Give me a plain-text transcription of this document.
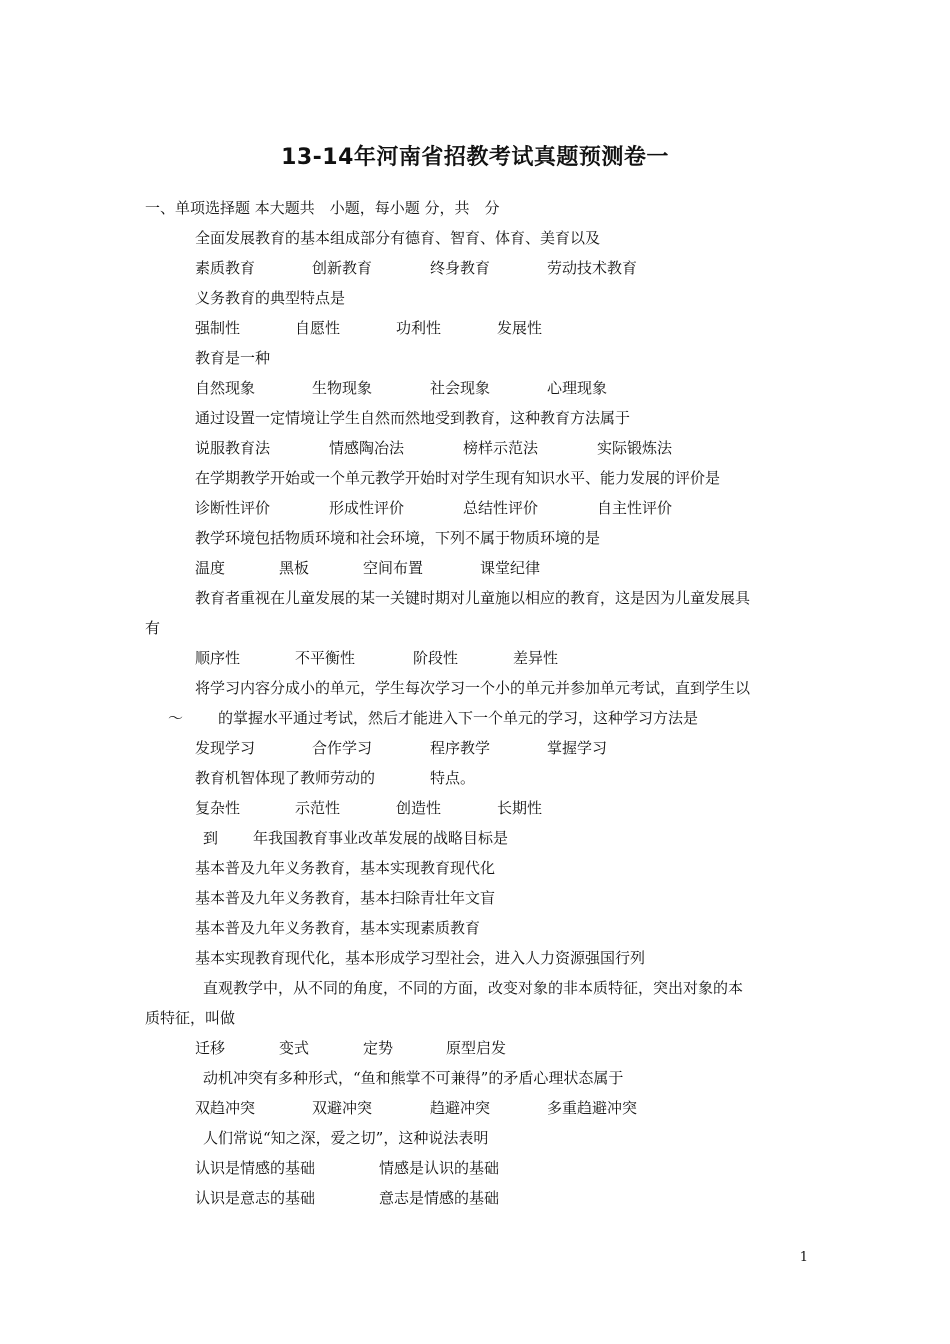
13-14年河南省招教考试真题预测卷一
一、单项选择题 本大题共　小题，每小题 分，共　分
全面发展教育的基本组成部分有德育、智育、体育、美育以及
素质教育	创新教育	终身教育	劳动技术教育
义务教育的典型特点是
强制性	自愿性	功利性	发展性
教育是一种
自然现象	生物现象	社会现象	心理现象
通过设置一定情境让学生自然而然地受到教育，这种教育方法属于
说服教育法	情感陶冶法	榜样示范法	实际锻炼法
在学期教学开始或一个单元教学开始时对学生现有知识水平、能力发展的评价是
诊断性评价	形成性评价	总结性评价	自主性评价
教学环境包括物质环境和社会环境，下列不属于物质环境的是
温度	黑板	空间布置	课堂纪律
教育者重视在儿童发展的某一关键时期对儿童施以相应的教育，这是因为儿童发展具
有
顺序性	不平衡性	阶段性	差异性
将学习内容分成小的单元，学生每次学习一个小的单元并参加单元考试，直到学生以
～ 的掌握水平通过考试，然后才能进入下一个单元的学习，这种学习方法是
发现学习	合作学习	程序教学	掌握学习
教育机智体现了教师劳动的	特点。
复杂性	示范性	创造性	长期性
到 年我国教育事业改革发展的战略目标是
基本普及九年义务教育，基本实现教育现代化
基本普及九年义务教育，基本扫除青壮年文盲
基本普及九年义务教育，基本实现素质教育
基本实现教育现代化，基本形成学习型社会，进入人力资源强国行列
直观教学中，从不同的角度，不同的方面，改变对象的非本质特征，突出对象的本
质特征，叫做
迁移	变式	定势	原型启发
动机冲突有多种形式，“鱼和熊掌不可兼得”的矛盾心理状态属于
双趋冲突	双避冲突	趋避冲突	多重趋避冲突
人们常说“知之深，爱之切”，这种说法表明
认识是情感的基础	情感是认识的基础
认识是意志的基础	意志是情感的基础
1
